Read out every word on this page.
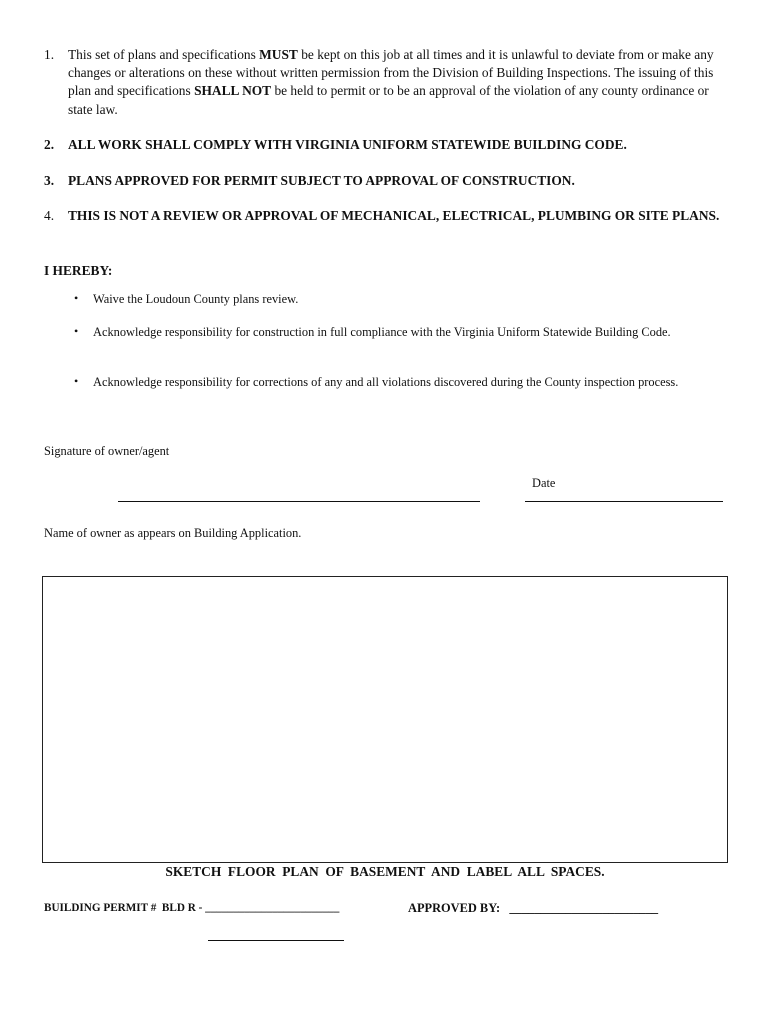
1. This set of plans and specifications MUST be kept on this job at all times and it is unlawful to deviate from or make any changes or alterations on these without written permission from the Division of Building Inspections. The issuing of this plan and specifications SHALL NOT be held to permit or to be an approval of the violation of any county ordinance or state law.
2. ALL WORK SHALL COMPLY WITH VIRGINIA UNIFORM STATEWIDE BUILDING CODE.
3. PLANS APPROVED FOR PERMIT SUBJECT TO APPROVAL OF CONSTRUCTION.
4. THIS IS NOT A REVIEW OR APPROVAL OF MECHANICAL, ELECTRICAL, PLUMBING OR SITE PLANS.
I HEREBY:
• Waive the Loudoun County plans review.
• Acknowledge responsibility for construction in full compliance with the Virginia Uniform Statewide Building Code.
• Acknowledge responsibility for corrections of any and all violations discovered during the County inspection process.
Signature of owner/agent
Date
Name of owner as appears on Building Application.
SKETCH  FLOOR  PLAN  OF  BASEMENT  AND  LABEL  ALL  SPACES.
BUILDING PERMIT #  BLD R - ________________________	APPROVED BY:   ________________________
